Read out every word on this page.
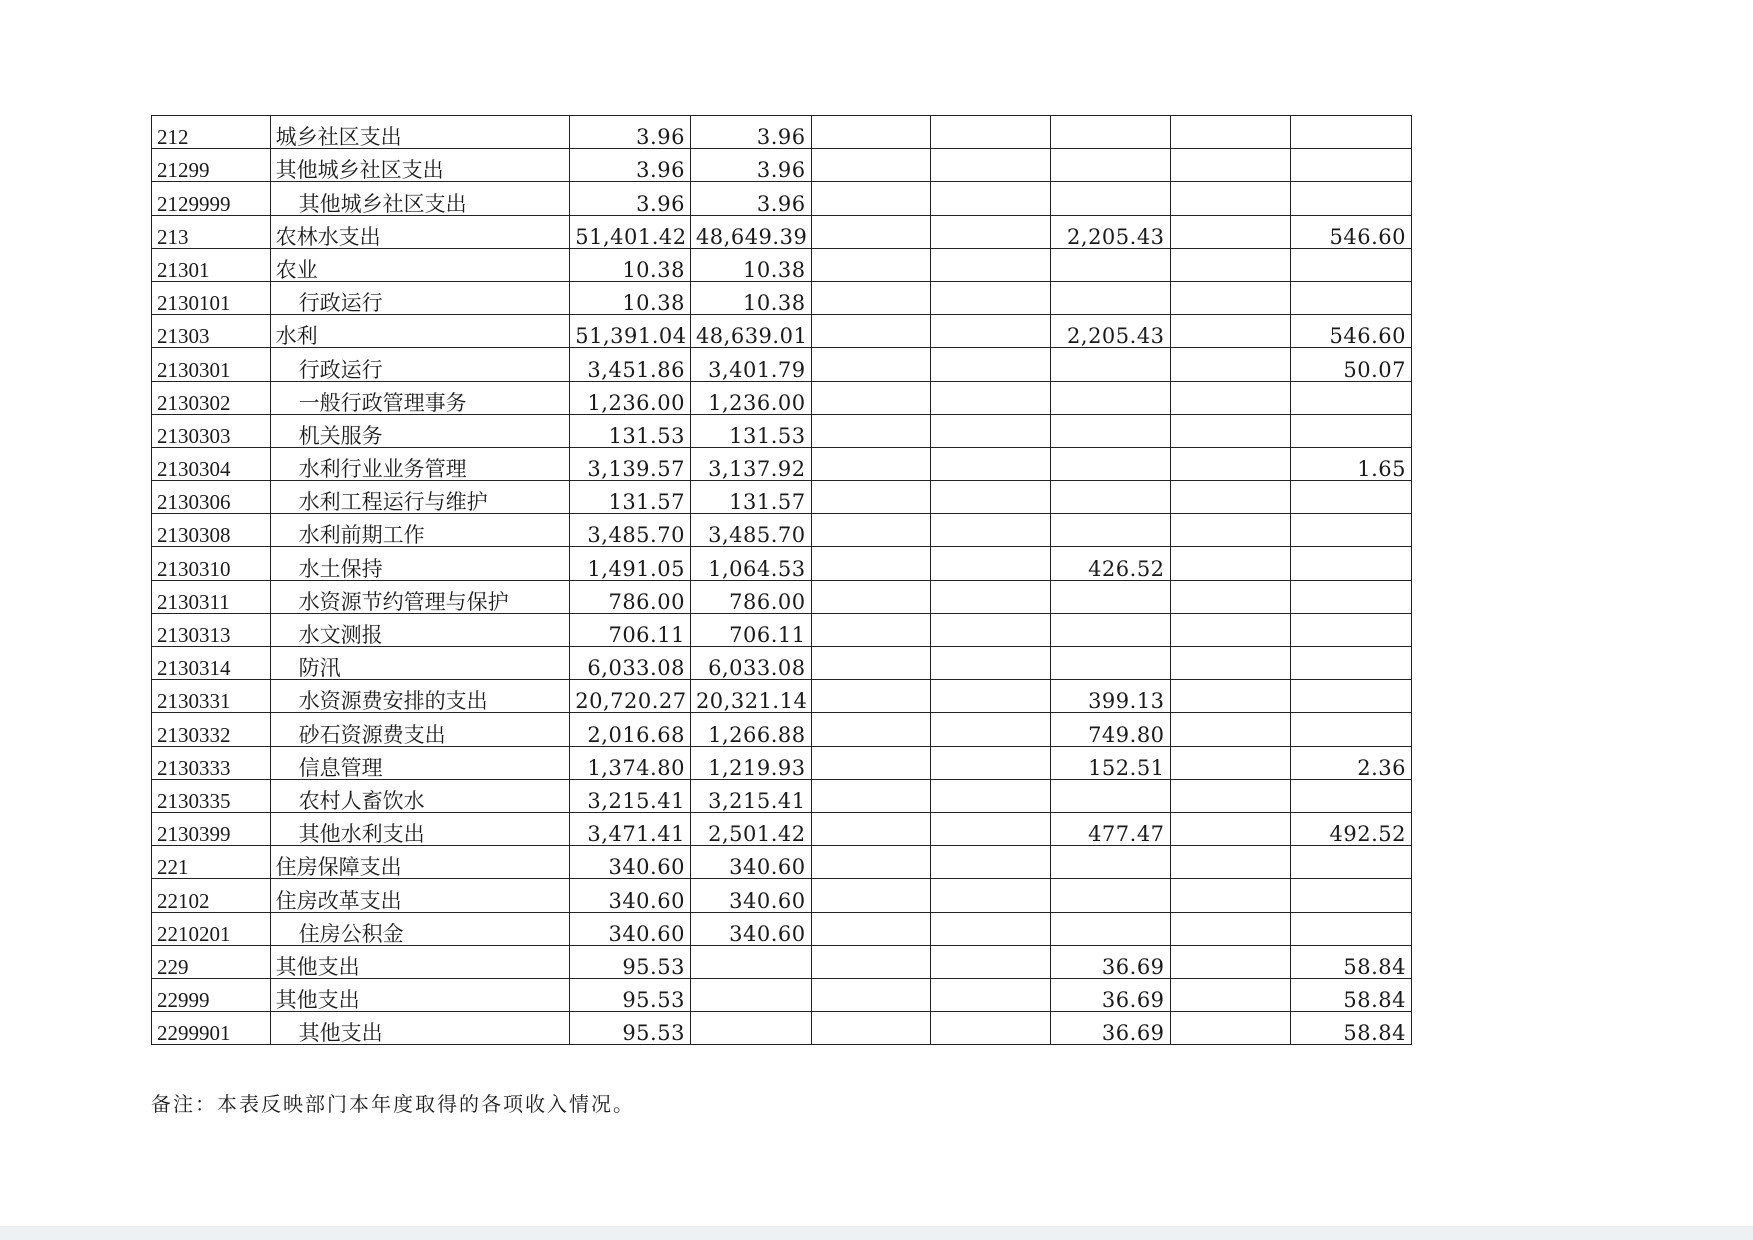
212	城乡社区支出	3.96	3.96					
21299	其他城乡社区支出	3.96	3.96					
2129999	其他城乡社区支出	3.96	3.96					
213	农林水支出	51,401.42	48,649.39			2,205.43		546.60
21301	农业	10.38	10.38					
2130101	行政运行	10.38	10.38					
21303	水利	51,391.04	48,639.01			2,205.43		546.60
2130301	行政运行	3,451.86	3,401.79					50.07
2130302	一般行政管理事务	1,236.00	1,236.00					
2130303	机关服务	131.53	131.53					
2130304	水利行业业务管理	3,139.57	3,137.92					1.65
2130306	水利工程运行与维护	131.57	131.57					
2130308	水利前期工作	3,485.70	3,485.70					
2130310	水土保持	1,491.05	1,064.53			426.52		
2130311	水资源节约管理与保护	786.00	786.00					
2130313	水文测报	706.11	706.11					
2130314	防汛	6,033.08	6,033.08					
2130331	水资源费安排的支出	20,720.27	20,321.14			399.13		
2130332	砂石资源费支出	2,016.68	1,266.88			749.80		
2130333	信息管理	1,374.80	1,219.93			152.51		2.36
2130335	农村人畜饮水	3,215.41	3,215.41					
2130399	其他水利支出	3,471.41	2,501.42			477.47		492.52
221	住房保障支出	340.60	340.60					
22102	住房改革支出	340.60	340.60					
2210201	住房公积金	340.60	340.60					
229	其他支出	95.53				36.69		58.84
22999	其他支出	95.53				36.69		58.84
2299901	其他支出	95.53				36.69		58.84
备注：本表反映部门本年度取得的各项收入情况。
